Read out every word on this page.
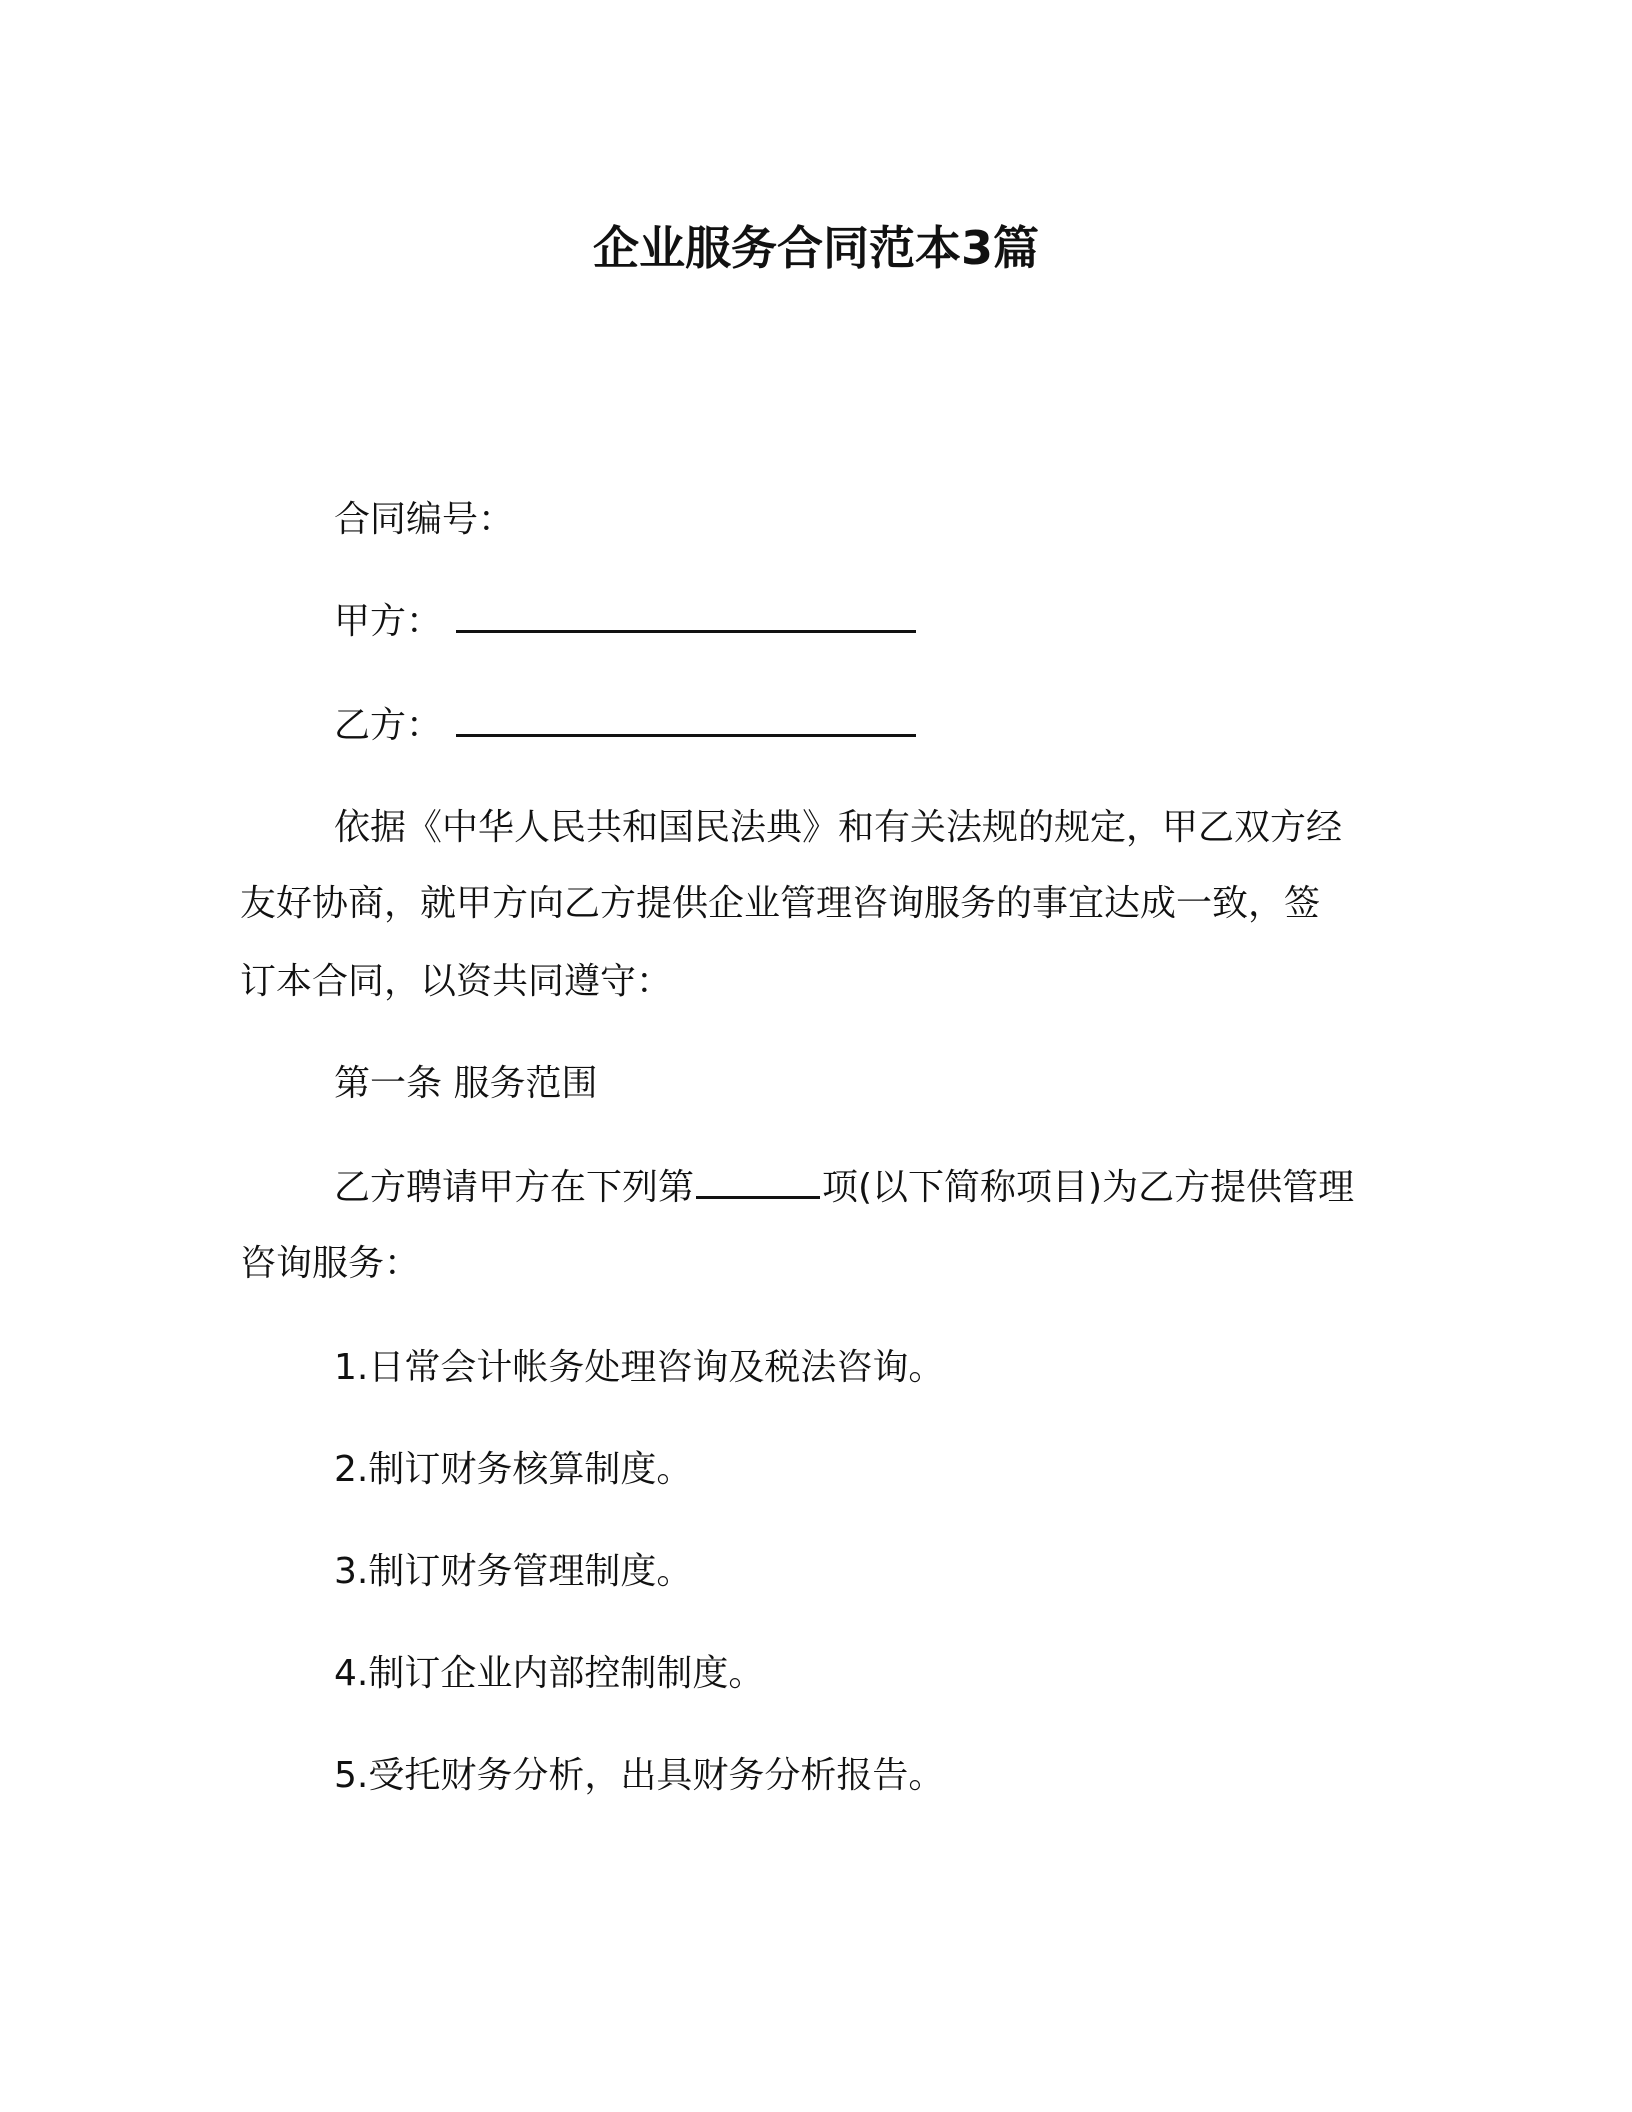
企业服务合同范本3篇

合同编号：

甲方：

乙方：

依据《中华人民共和国民法典》和有关法规的规定，甲乙双方经

友好协商，就甲方向乙方提供企业管理咨询服务的事宜达成一致，签

订本合同，以资共同遵守：

第一条 服务范围

乙方聘请甲方在下列第	项(以下简称项目)为乙方提供管理

咨询服务：

1.日常会计帐务处理咨询及税法咨询。

2.制订财务核算制度。

3.制订财务管理制度。

4.制订企业内部控制制度。

5.受托财务分析，出具财务分析报告。
